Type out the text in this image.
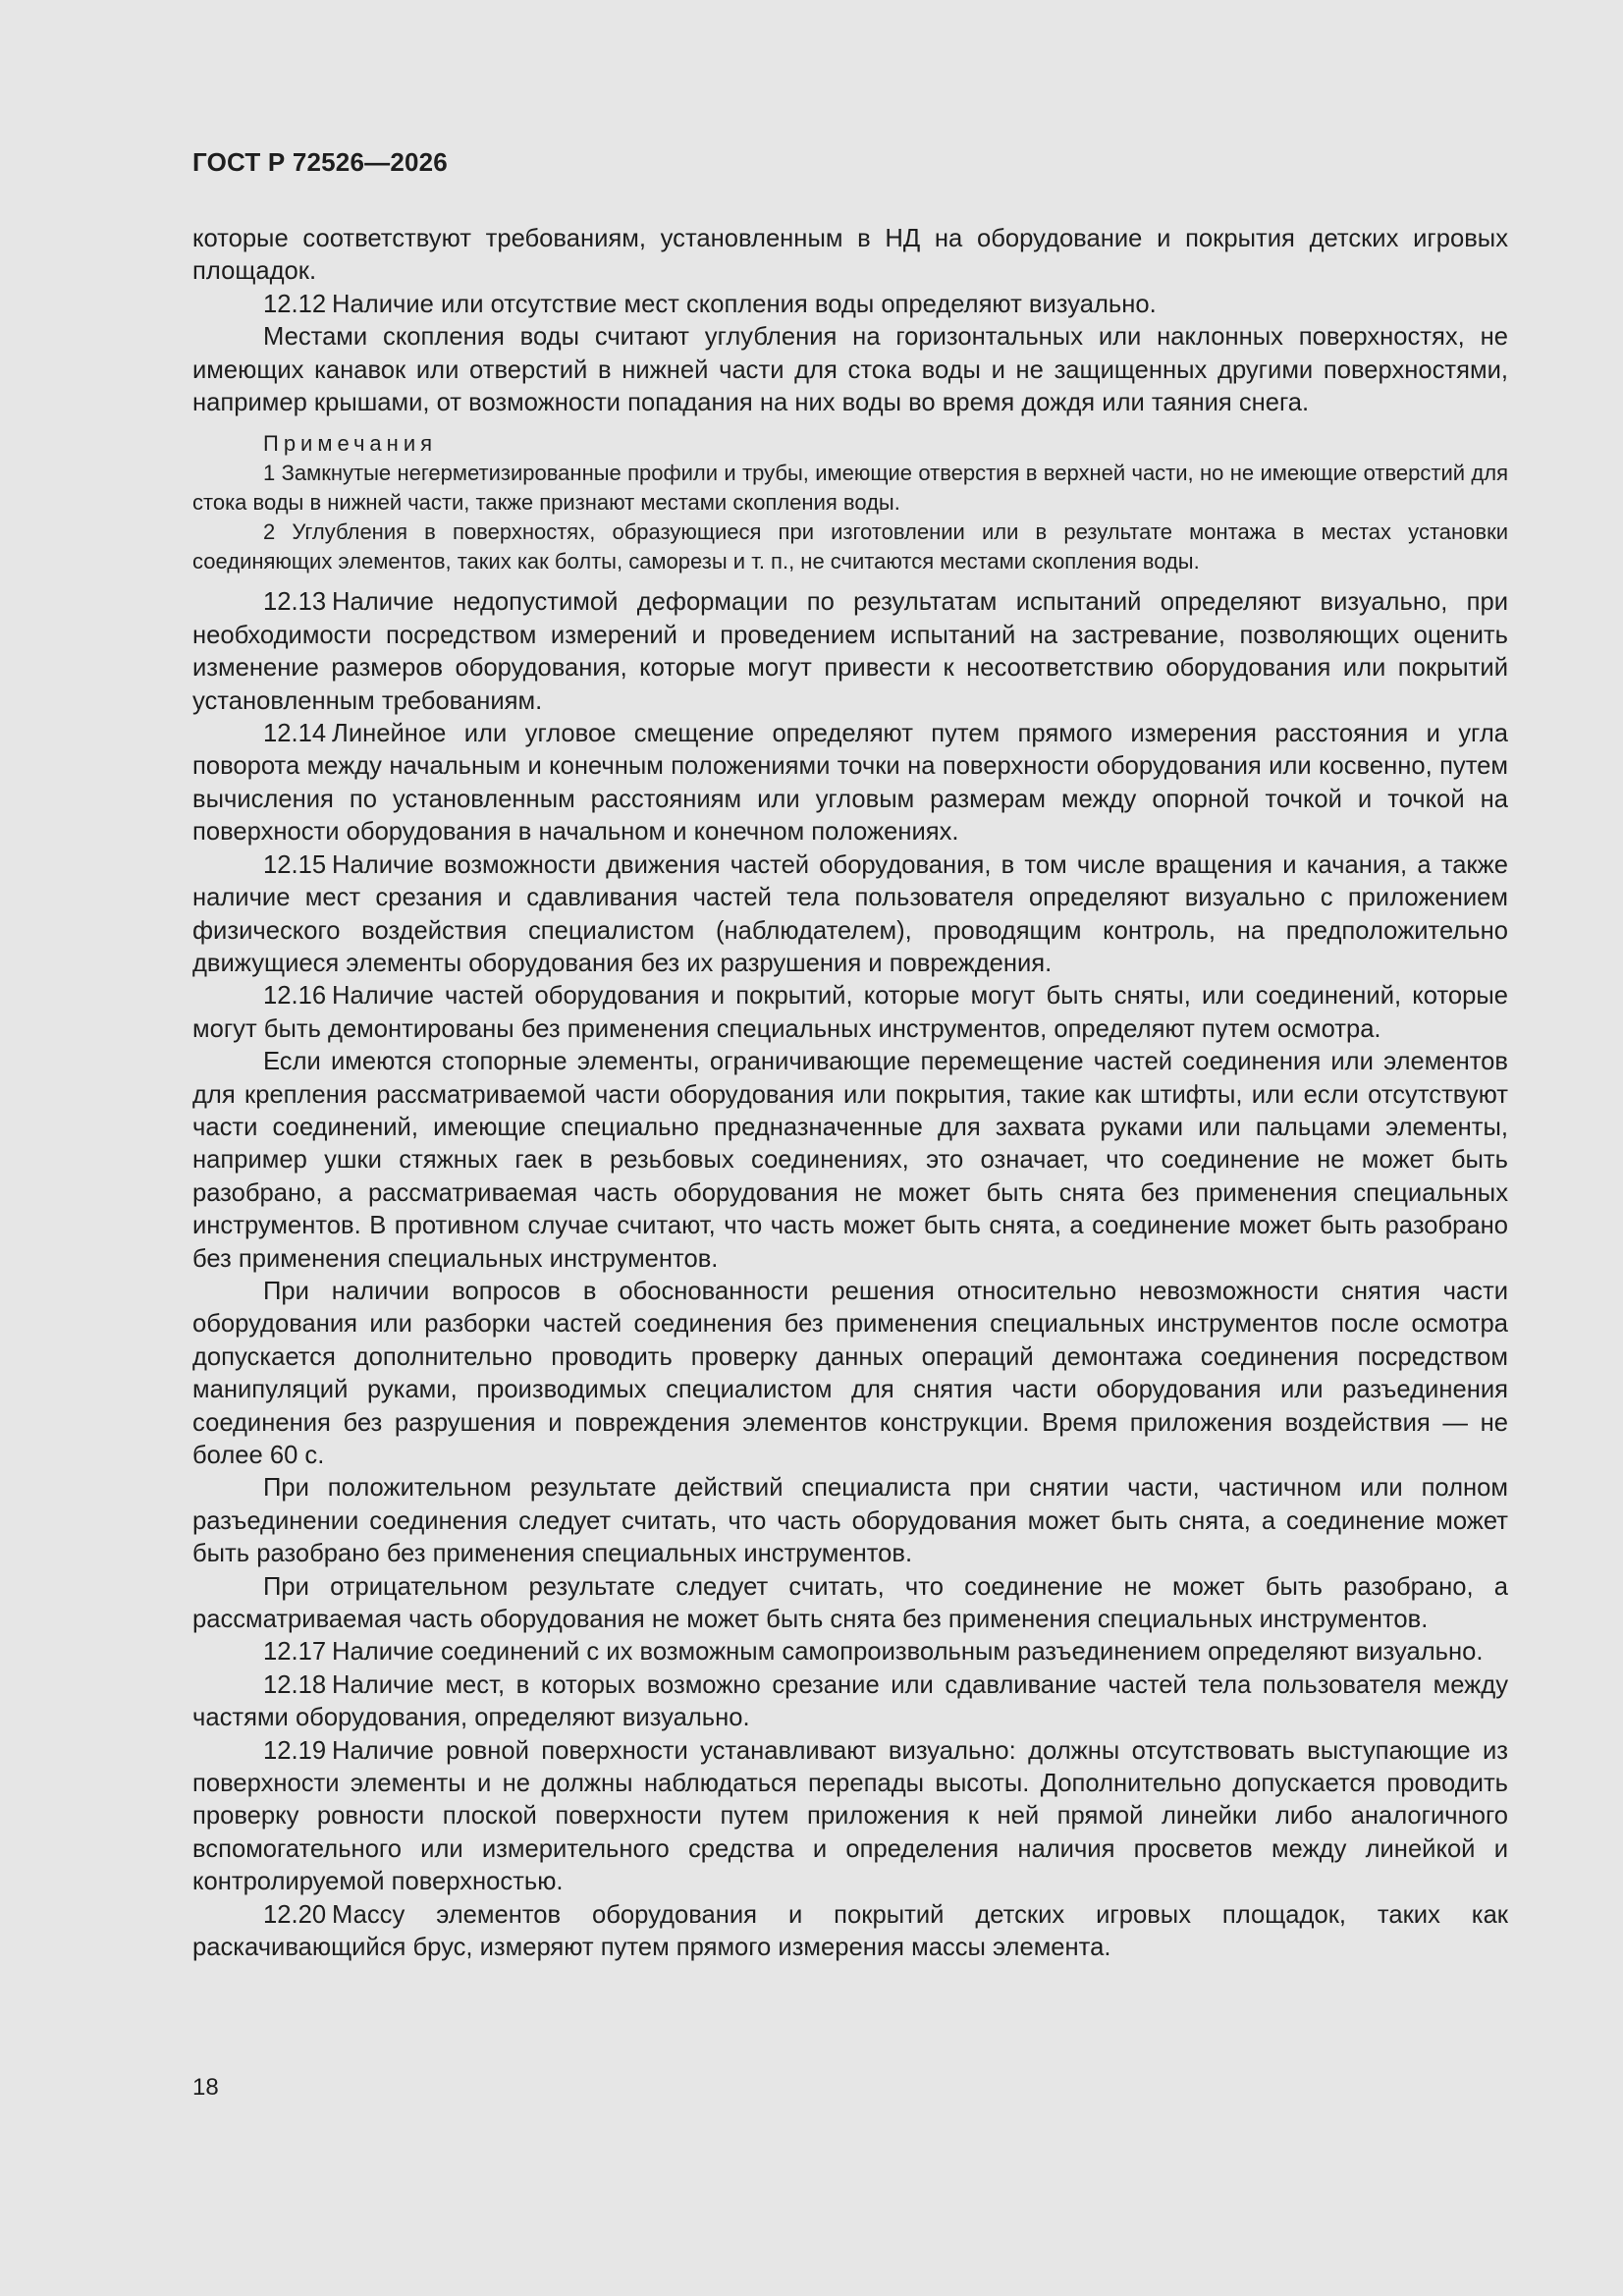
ГОСТ Р 72526—2026

которые соответствуют требованиям, установленным в НД на оборудование и покрытия детских игровых площадок.

12.12 Наличие или отсутствие мест скопления воды определяют визуально.

Местами скопления воды считают углубления на горизонтальных или наклонных поверхностях, не имеющих канавок или отверстий в нижней части для стока воды и не защищенных другими поверхностями, например крышами, от возможности попадания на них воды во время дождя или таяния снега.

Примечания

1 Замкнутые негерметизированные профили и трубы, имеющие отверстия в верхней части, но не имеющие отверстий для стока воды в нижней части, также признают местами скопления воды.

2 Углубления в поверхностях, образующиеся при изготовлении или в результате монтажа в местах установки соединяющих элементов, таких как болты, саморезы и т. п., не считаются местами скопления воды.

12.13 Наличие недопустимой деформации по результатам испытаний определяют визуально, при необходимости посредством измерений и проведением испытаний на застревание, позволяющих оценить изменение размеров оборудования, которые могут привести к несоответствию оборудования или покрытий установленным требованиям.

12.14 Линейное или угловое смещение определяют путем прямого измерения расстояния и угла поворота между начальным и конечным положениями точки на поверхности оборудования или косвенно, путем вычисления по установленным расстояниям или угловым размерам между опорной точкой и точкой на поверхности оборудования в начальном и конечном положениях.

12.15 Наличие возможности движения частей оборудования, в том числе вращения и качания, а также наличие мест срезания и сдавливания частей тела пользователя определяют визуально с приложением физического воздействия специалистом (наблюдателем), проводящим контроль, на предположительно движущиеся элементы оборудования без их разрушения и повреждения.

12.16 Наличие частей оборудования и покрытий, которые могут быть сняты, или соединений, которые могут быть демонтированы без применения специальных инструментов, определяют путем осмотра.

Если имеются стопорные элементы, ограничивающие перемещение частей соединения или элементов для крепления рассматриваемой части оборудования или покрытия, такие как штифты, или если отсутствуют части соединений, имеющие специально предназначенные для захвата руками или пальцами элементы, например ушки стяжных гаек в резьбовых соединениях, это означает, что соединение не может быть разобрано, а рассматриваемая часть оборудования не может быть снята без применения специальных инструментов. В противном случае считают, что часть может быть снята, а соединение может быть разобрано без применения специальных инструментов.

При наличии вопросов в обоснованности решения относительно невозможности снятия части оборудования или разборки частей соединения без применения специальных инструментов после осмотра допускается дополнительно проводить проверку данных операций демонтажа соединения посредством манипуляций руками, производимых специалистом для снятия части оборудования или разъединения соединения без разрушения и повреждения элементов конструкции. Время приложения воздействия — не более 60 с.

При положительном результате действий специалиста при снятии части, частичном или полном разъединении соединения следует считать, что часть оборудования может быть снята, а соединение может быть разобрано без применения специальных инструментов.

При отрицательном результате следует считать, что соединение не может быть разобрано, а рассматриваемая часть оборудования не может быть снята без применения специальных инструментов.

12.17 Наличие соединений с их возможным самопроизвольным разъединением определяют визуально.

12.18 Наличие мест, в которых возможно срезание или сдавливание частей тела пользователя между частями оборудования, определяют визуально.

12.19 Наличие ровной поверхности устанавливают визуально: должны отсутствовать выступающие из поверхности элементы и не должны наблюдаться перепады высоты. Дополнительно допускается проводить проверку ровности плоской поверхности путем приложения к ней прямой линейки либо аналогичного вспомогательного или измерительного средства и определения наличия просветов между линейкой и контролируемой поверхностью.

12.20 Массу элементов оборудования и покрытий детских игровых площадок, таких как раскачивающийся брус, измеряют путем прямого измерения массы элемента.

18
